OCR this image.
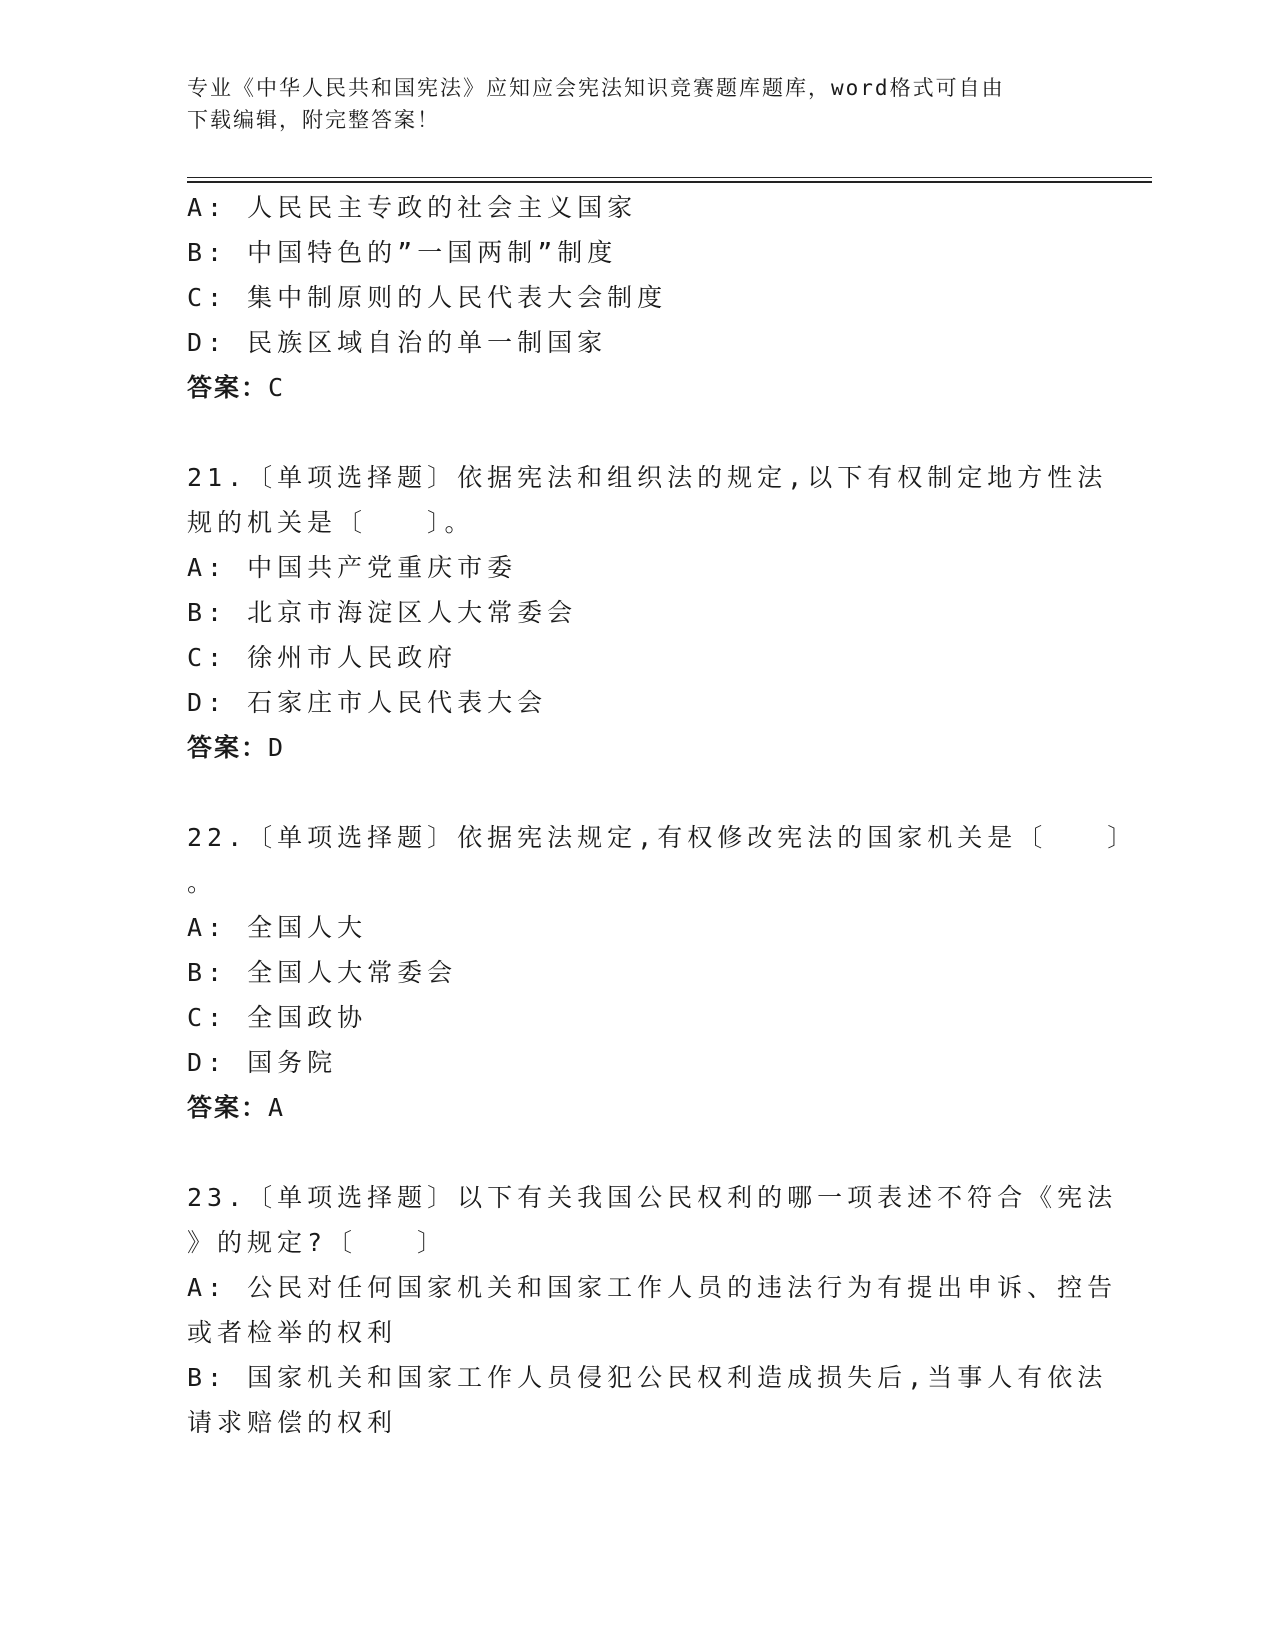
专业《中华人民共和国宪法》应知应会宪法知识竞赛题库题库，word格式可自由
下载编辑，附完整答案！
A: 人民民主专政的社会主义国家
B: 中国特色的”一国两制”制度
C: 集中制原则的人民代表大会制度
D: 民族区域自治的单一制国家
答案：C
21.〔单项选择题〕依据宪法和组织法的规定,以下有权制定地方性法
规的机关是〔　　〕。
A: 中国共产党重庆市委
B: 北京市海淀区人大常委会
C: 徐州市人民政府
D: 石家庄市人民代表大会
答案：D
22.〔单项选择题〕依据宪法规定,有权修改宪法的国家机关是〔　　〕
。
A: 全国人大
B: 全国人大常委会
C: 全国政协
D: 国务院
答案：A
23.〔单项选择题〕以下有关我国公民权利的哪一项表述不符合《宪法
》的规定?〔　　〕
A: 公民对任何国家机关和国家工作人员的违法行为有提出申诉、控告
或者检举的权利
B: 国家机关和国家工作人员侵犯公民权利造成损失后,当事人有依法
请求赔偿的权利
